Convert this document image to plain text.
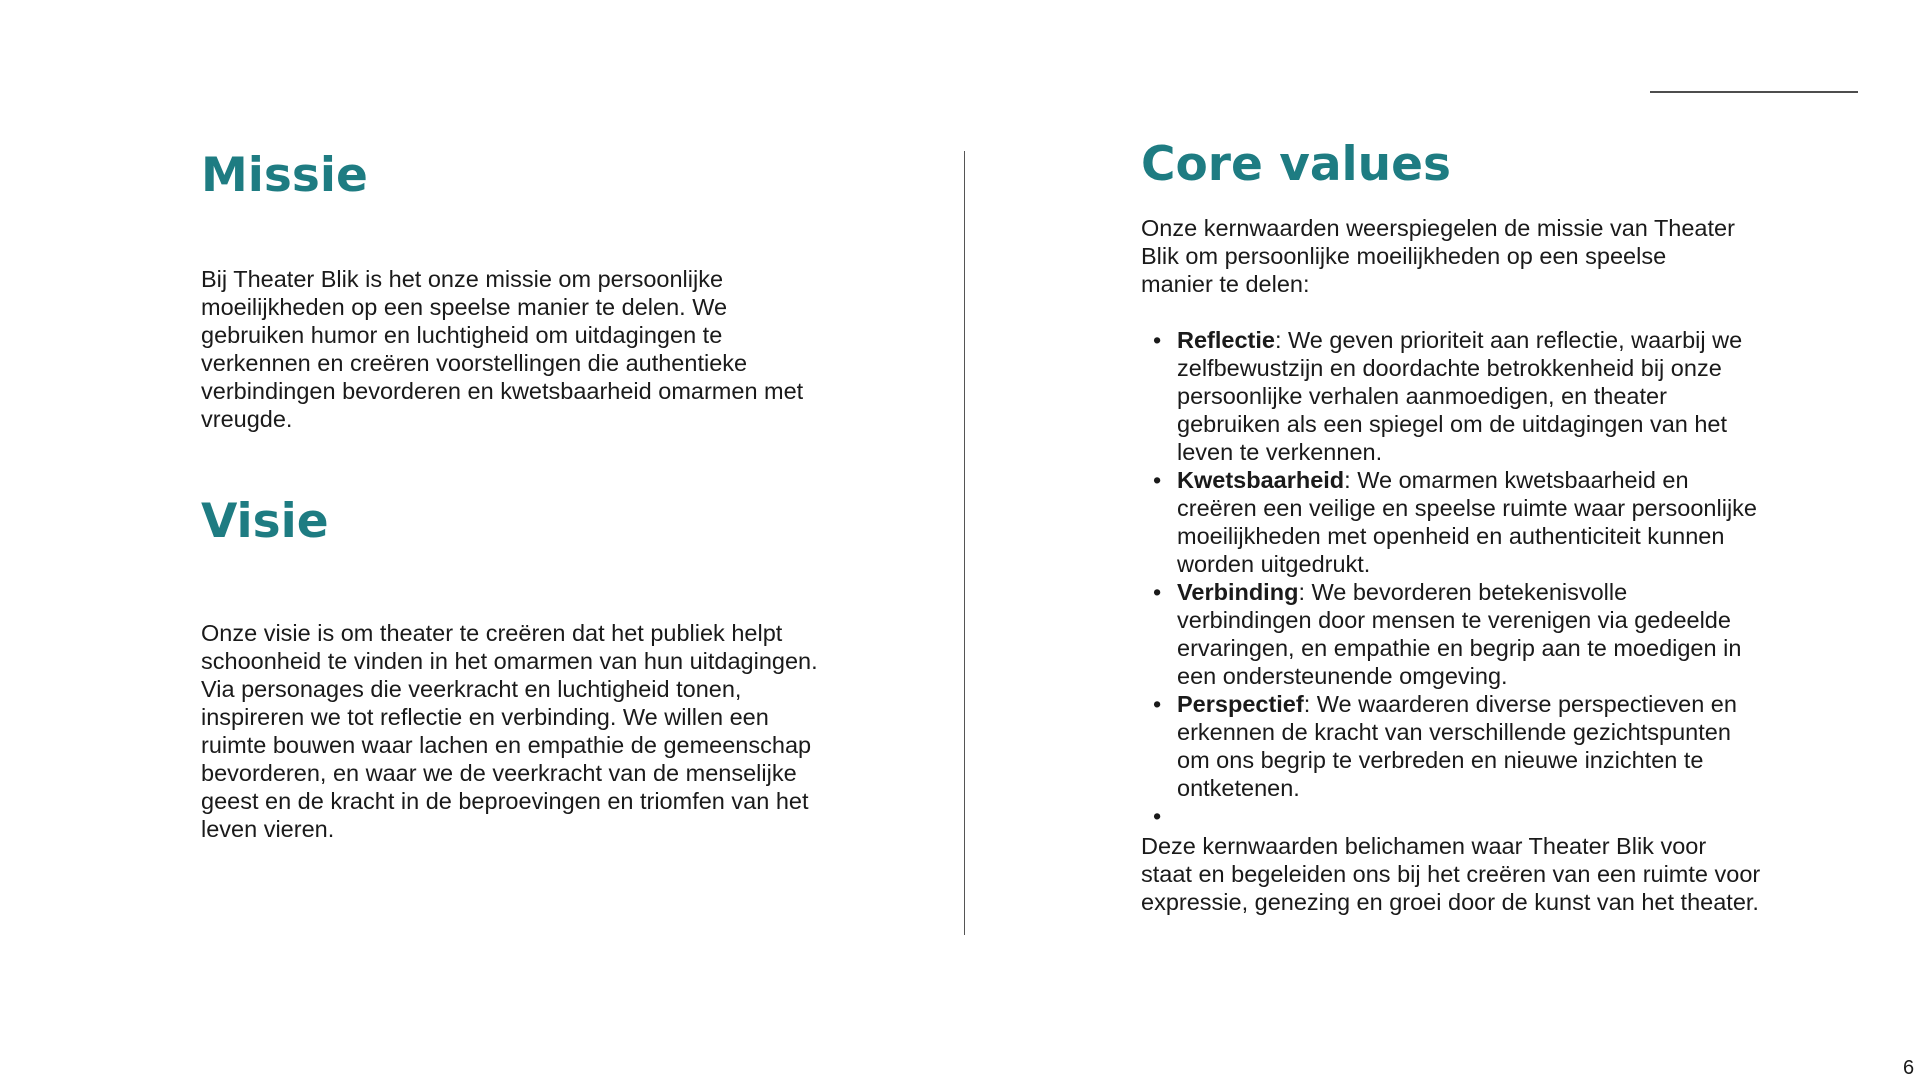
Missie

Bij Theater Blik is het onze missie om persoonlijke moeilijkheden op een speelse manier te delen. We gebruiken humor en luchtigheid om uitdagingen te verkennen en creëren voorstellingen die authentieke verbindingen bevorderen en kwetsbaarheid omarmen met vreugde.

Visie

Onze visie is om theater te creëren dat het publiek helpt schoonheid te vinden in het omarmen van hun uitdagingen. Via personages die veerkracht en luchtigheid tonen, inspireren we tot reflectie en verbinding. We willen een ruimte bouwen waar lachen en empathie de gemeenschap bevorderen, en waar we de veerkracht van de menselijke geest en de kracht in de beproevingen en triomfen van het leven vieren.

Core values

Onze kernwaarden weerspiegelen de missie van Theater Blik om persoonlijke moeilijkheden op een speelse manier te delen:

• Reflectie: We geven prioriteit aan reflectie, waarbij we zelfbewustzijn en doordachte betrokkenheid bij onze persoonlijke verhalen aanmoedigen, en theater gebruiken als een spiegel om de uitdagingen van het leven te verkennen.
• Kwetsbaarheid: We omarmen kwetsbaarheid en creëren een veilige en speelse ruimte waar persoonlijke moeilijkheden met openheid en authenticiteit kunnen worden uitgedrukt.
• Verbinding: We bevorderen betekenisvolle verbindingen door mensen te verenigen via gedeelde ervaringen, en empathie en begrip aan te moedigen in een ondersteunende omgeving.
• Perspectief: We waarderen diverse perspectieven en erkennen de kracht van verschillende gezichtspunten om ons begrip te verbreden en nieuwe inzichten te ontketenen.
•

Deze kernwaarden belichamen waar Theater Blik voor staat en begeleiden ons bij het creëren van een ruimte voor expressie, genezing en groei door de kunst van het theater.

6
